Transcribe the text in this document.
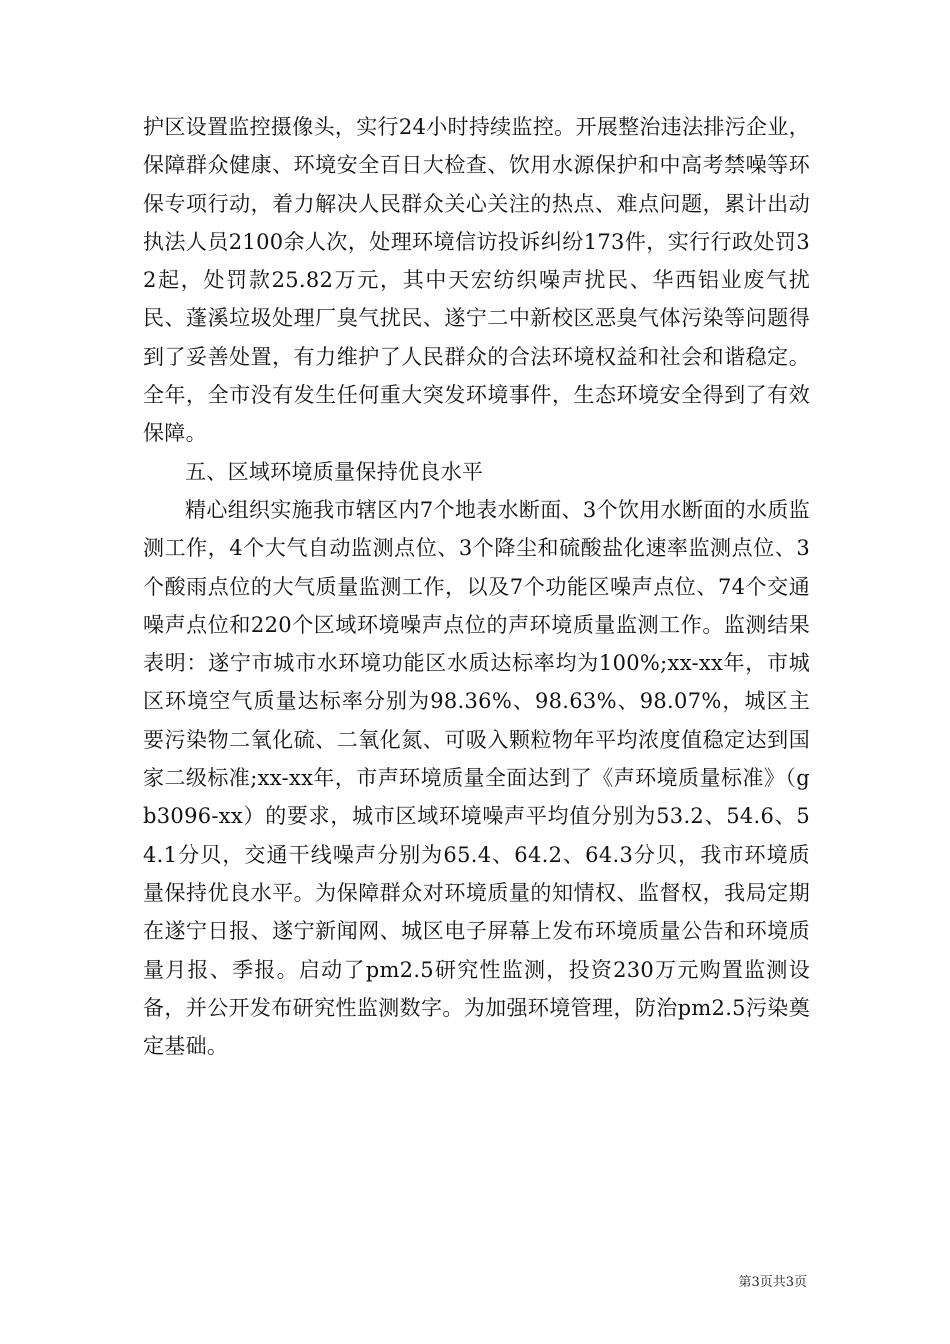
护区设置监控摄像头，实行24小时持续监控。开展整治违法排污企业，保障群众健康、环境安全百日大检查、饮用水源保护和中高考禁噪等环保专项行动，着力解决人民群众关心关注的热点、难点问题，累计出动执法人员2100余人次，处理环境信访投诉纠纷173件，实行行政处罚32起，处罚款25.82万元，其中天宏纺织噪声扰民、华西铝业废气扰民、蓬溪垃圾处理厂臭气扰民、遂宁二中新校区恶臭气体污染等问题得到了妥善处置，有力维护了人民群众的合法环境权益和社会和谐稳定。全年，全市没有发生任何重大突发环境事件，生态环境安全得到了有效保障。

五、区域环境质量保持优良水平

精心组织实施我市辖区内7个地表水断面、3个饮用水断面的水质监测工作，4个大气自动监测点位、3个降尘和硫酸盐化速率监测点位、3个酸雨点位的大气质量监测工作，以及7个功能区噪声点位、74个交通噪声点位和220个区域环境噪声点位的声环境质量监测工作。监测结果表明：遂宁市城市水环境功能区水质达标率均为100%;xx-xx年，市城区环境空气质量达标率分别为98.36%、98.63%、98.07%，城区主要污染物二氧化硫、二氧化氮、可吸入颗粒物年平均浓度值稳定达到国家二级标准;xx-xx年，市声环境质量全面达到了《声环境质量标准》（gb3096-xx）的要求，城市区域环境噪声平均值分别为53.2、54.6、54.1分贝，交通干线噪声分别为65.4、64.2、64.3分贝，我市环境质量保持优良水平。为保障群众对环境质量的知情权、监督权，我局定期在遂宁日报、遂宁新闻网、城区电子屏幕上发布环境质量公告和环境质量月报、季报。启动了pm2.5研究性监测，投资230万元购置监测设备，并公开发布研究性监测数字。为加强环境管理，防治pm2.5污染奠定基础。

第3页共3页
